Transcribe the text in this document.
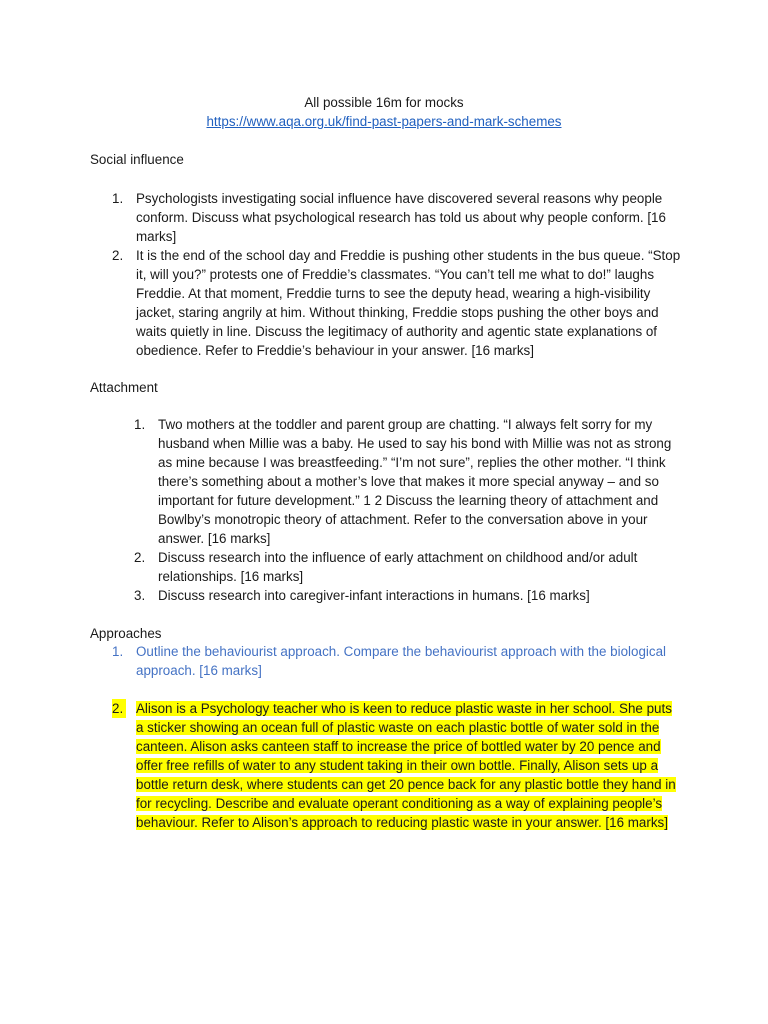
All possible 16m for mocks
https://www.aqa.org.uk/find-past-papers-and-mark-schemes
Social influence
1. Psychologists investigating social influence have discovered several reasons why people conform. Discuss what psychological research has told us about why people conform. [16 marks]
2. It is the end of the school day and Freddie is pushing other students in the bus queue. “Stop it, will you?” protests one of Freddie’s classmates. “You can’t tell me what to do!” laughs Freddie. At that moment, Freddie turns to see the deputy head, wearing a high-visibility jacket, staring angrily at him. Without thinking, Freddie stops pushing the other boys and waits quietly in line. Discuss the legitimacy of authority and agentic state explanations of obedience. Refer to Freddie’s behaviour in your answer. [16 marks]
Attachment
1. Two mothers at the toddler and parent group are chatting. “I always felt sorry for my husband when Millie was a baby. He used to say his bond with Millie was not as strong as mine because I was breastfeeding.” “I’m not sure”, replies the other mother. “I think there’s something about a mother’s love that makes it more special anyway – and so important for future development.” 1 2 Discuss the learning theory of attachment and Bowlby’s monotropic theory of attachment. Refer to the conversation above in your answer. [16 marks]
2. Discuss research into the influence of early attachment on childhood and/or adult relationships. [16 marks]
3. Discuss research into caregiver-infant interactions in humans. [16 marks]
Approaches
1. Outline the behaviourist approach. Compare the behaviourist approach with the biological approach. [16 marks]
2. Alison is a Psychology teacher who is keen to reduce plastic waste in her school. She puts a sticker showing an ocean full of plastic waste on each plastic bottle of water sold in the canteen. Alison asks canteen staff to increase the price of bottled water by 20 pence and offer free refills of water to any student taking in their own bottle. Finally, Alison sets up a bottle return desk, where students can get 20 pence back for any plastic bottle they hand in for recycling. Describe and evaluate operant conditioning as a way of explaining people’s behaviour. Refer to Alison’s approach to reducing plastic waste in your answer. [16 marks]
